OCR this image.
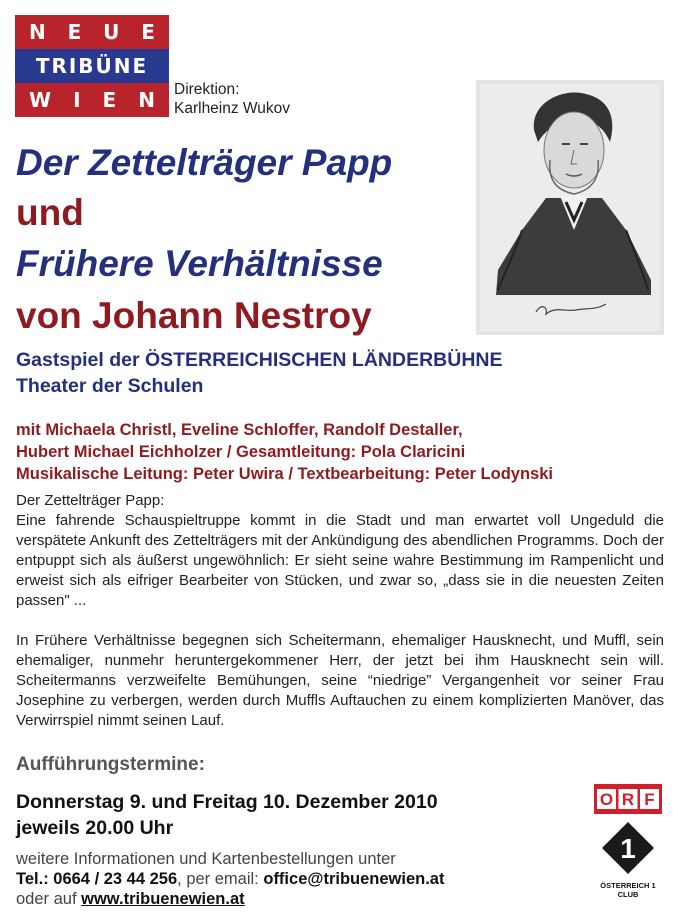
N E U E
TRIBÜNE
W I E N Direktion:
Karlheinz Wukov
Der Zettelträger Papp
und
Frühere Verhältnisse
von Johann Nestroy
Gastspiel der ÖSTERREICHISCHEN LÄNDERBÜHNE
Theater der Schulen
mit Michaela Christl, Eveline Schloffer, Randolf Destaller,
Hubert Michael Eichholzer / Gesamtleitung: Pola Claricini
Musikalische Leitung: Peter Uwira / Textbearbeitung: Peter Lodynski

Der Zettelträger Papp:

Eine fahrende Schauspieltruppe kommt in die Stadt und man erwartet voll Ungeduld die verspätete Ankunft des Zettelträgers mit der Ankündigung des abendlichen Programms. Doch der entpuppt sich als äußerst ungewöhnlich: Er sieht seine wahre Bestimmung im Rampenlicht und erweist sich als eifriger Bearbeiter von Stücken, und zwar so, „dass sie in die neuesten Zeiten passen" ...

In Frühere Verhältnisse begegnen sich Scheitermann, ehemaliger Hausknecht, und Muffl, sein ehemaliger, nunmehr heruntergekommener Herr, der jetzt bei ihm Hausknecht sein will. Scheitermanns verzweifelte Bemühungen, seine “niedrige” Vergangenheit vor seiner Frau Josephine zu verbergen, werden durch Muffls Auftauchen zu einem komplizierten Manöver, das Verwirrspiel nimmt seinen Lauf.

Aufführungstermine:
Donnerstag 9. und Freitag 10. Dezember 2010
jeweils 20.00 Uhr
weitere Informationen und Kartenbestellungen unter
Tel.: 0664 / 23 44 256, per email: office@tribuenewien.at
oder auf www.tribuenewien.at
1
ÖSTERREICH 1
CLUB
O R F
